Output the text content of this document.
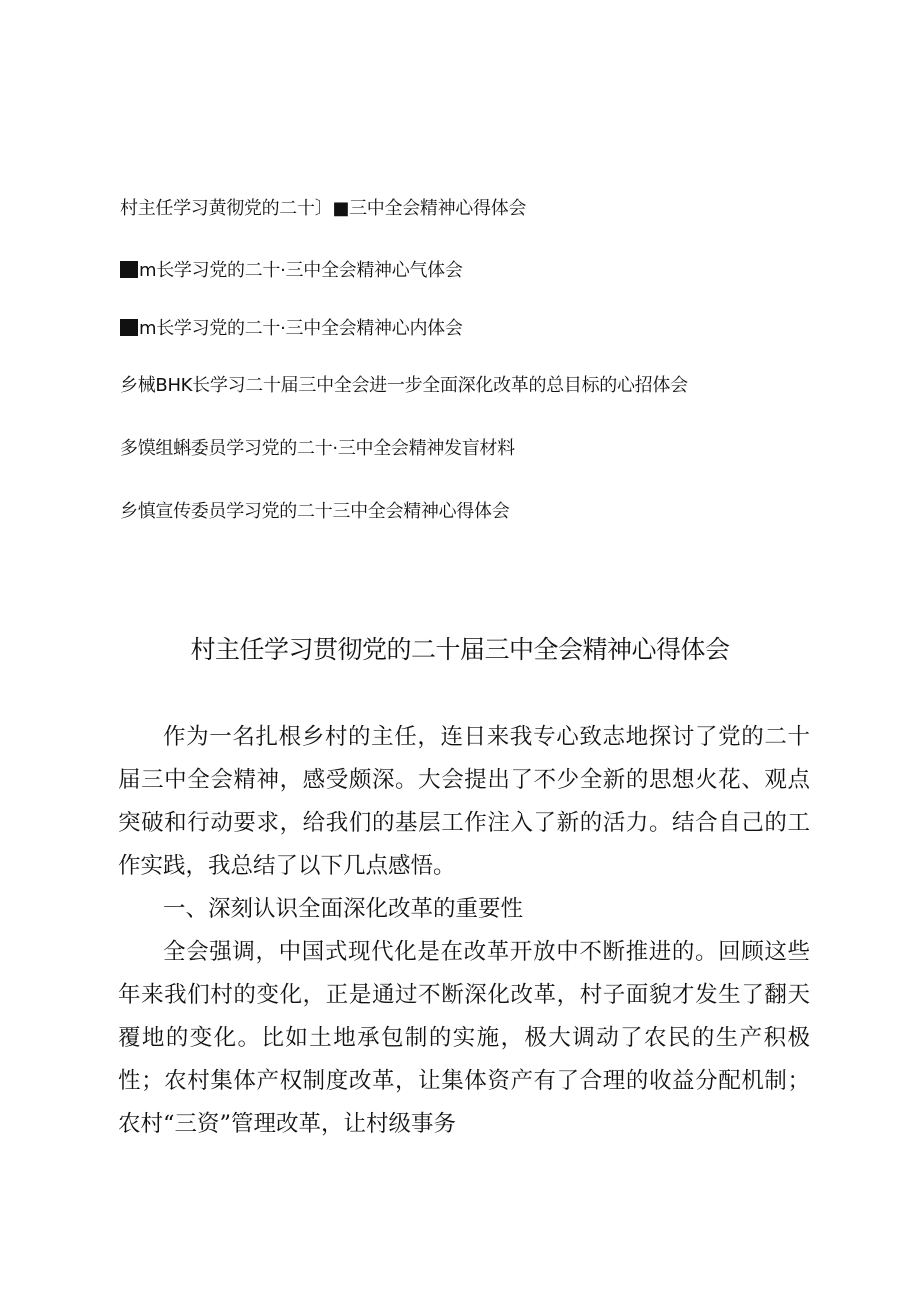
村主任学习黄彻党的二十〕■三中全会精神心得体会
m长学习党的二十·三中全会精神心气体会
m长学习党的二十·三中全会精神心内体会
乡械BHK长学习二十届三中全会进一步全面深化改革的总目标的心招体会
多馍组蝌委员学习党的二十·三中全会精神发盲材料
乡慎宣传委员学习党的二十三中全会精神心得体会
村主任学习贯彻党的二十届三中全会精神心得体会

作为一名扎根乡村的主任，连日来我专心致志地探讨了党的二十届三中全会精神，感受颇深。大会提出了不少全新的思想火花、观点突破和行动要求，给我们的基层工作注入了新的活力。结合自己的工作实践，我总结了以下几点感悟。

一、深刻认识全面深化改革的重要性

全会强调，中国式现代化是在改革开放中不断推进的。回顾这些年来我们村的变化，正是通过不断深化改革，村子面貌才发生了翻天覆地的变化。比如土地承包制的实施，极大调动了农民的生产积极性；农村集体产权制度改革，让集体资产有了合理的收益分配机制；农村“三资”管理改革，让村级事务
